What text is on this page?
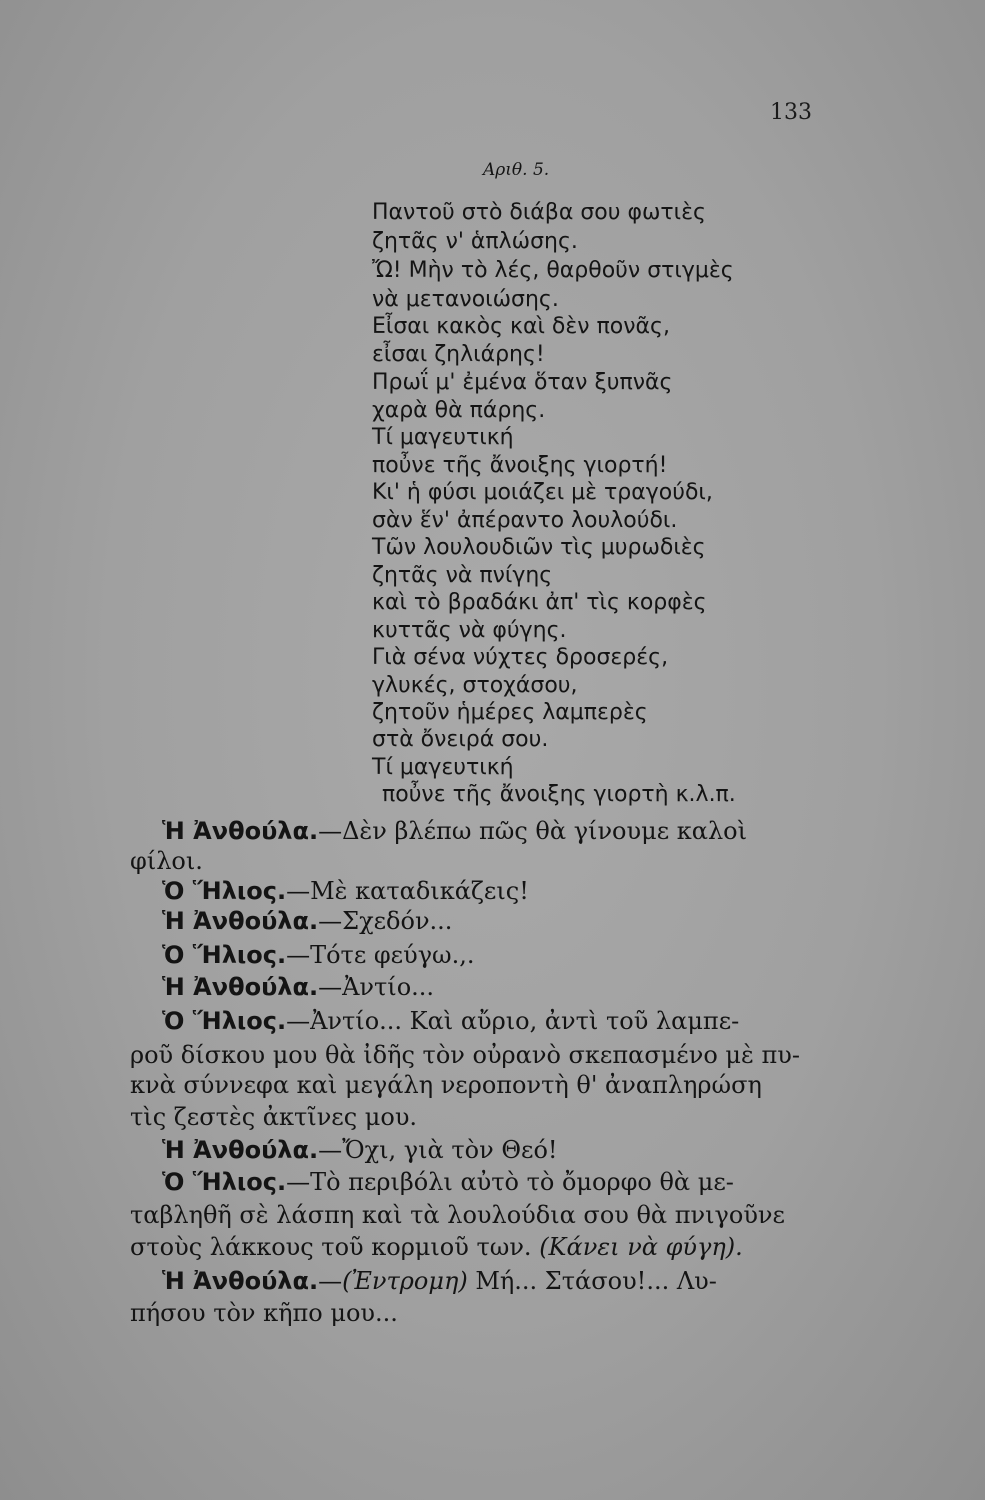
133
Αριθ. 5.
Παντοῦ στὸ διάβα σου φωτιὲς
ζητᾶς ν' ἁπλώσης.
Ὤ! Μὴν τὸ λές, θαρθοῦν στιγμὲς
νὰ μετανοιώσης.
Εἶσαι κακὸς καὶ δὲν πονᾶς,
εἶσαι ζηλιάρης!
Πρωΐ μ' ἐμένα ὅταν ξυπνᾶς
χαρὰ θὰ πάρης.
Τί μαγευτική
ποὖνε τῆς ἄνοιξης γιορτή!
Κι' ἡ φύσι μοιάζει μὲ τραγούδι,
σὰν ἕν' ἀπέραντο λουλούδι.
Τῶν λουλουδιῶν τὶς μυρωδιὲς
ζητᾶς νὰ πνίγης
καὶ τὸ βραδάκι ἀπ' τὶς κορφὲς
κυττᾶς νὰ φύγης.
Γιὰ σένα νύχτες δροσερές,
γλυκές, στοχάσου,
ζητοῦν ἡμέρες λαμπερὲς
στὰ ὄνειρά σου.
Τί μαγευτική
ποὖνε τῆς ἄνοιξης γιορτὴ κ.λ.π.
Ἡ Ἀνθούλα.—Δὲν βλέπω πῶς θὰ γίνουμε καλοὶ
φίλοι.
Ὁ Ἥλιος.—Μὲ καταδικάζεις!
Ἡ Ἀνθούλα.—Σχεδόν...
Ὁ Ἥλιος.—Τότε φεύγω.,.
Ἡ Ἀνθούλα.—Ἀντίο...
Ὁ Ἥλιος.—Ἀντίο... Καὶ αὔριο, ἀντὶ τοῦ λαμπε-
ροῦ δίσκου μου θὰ ἰδῆς τὸν οὐρανὸ σκεπασμένο μὲ πυ-
κνὰ σύννεφα καὶ μεγάλη νεροποντὴ θ' ἀναπληρώση
τὶς ζεστὲς ἀκτῖνες μου.
Ἡ Ἀνθούλα.—Ὄχι, γιὰ τὸν Θεό!
Ὁ Ἥλιος.—Τὸ περιβόλι αὐτὸ τὸ ὄμορφο θὰ με-
ταβληθῆ σὲ λάσπη καὶ τὰ λουλούδια σου θὰ πνιγοῦνε
στοὺς λάκκους τοῦ κορμιοῦ των. (Κάνει νὰ φύγη).
Ἡ Ἀνθούλα.—(Ἐντρομη) Μή... Στάσου!... Λυ-
πήσου τὸν κῆπο μου...
